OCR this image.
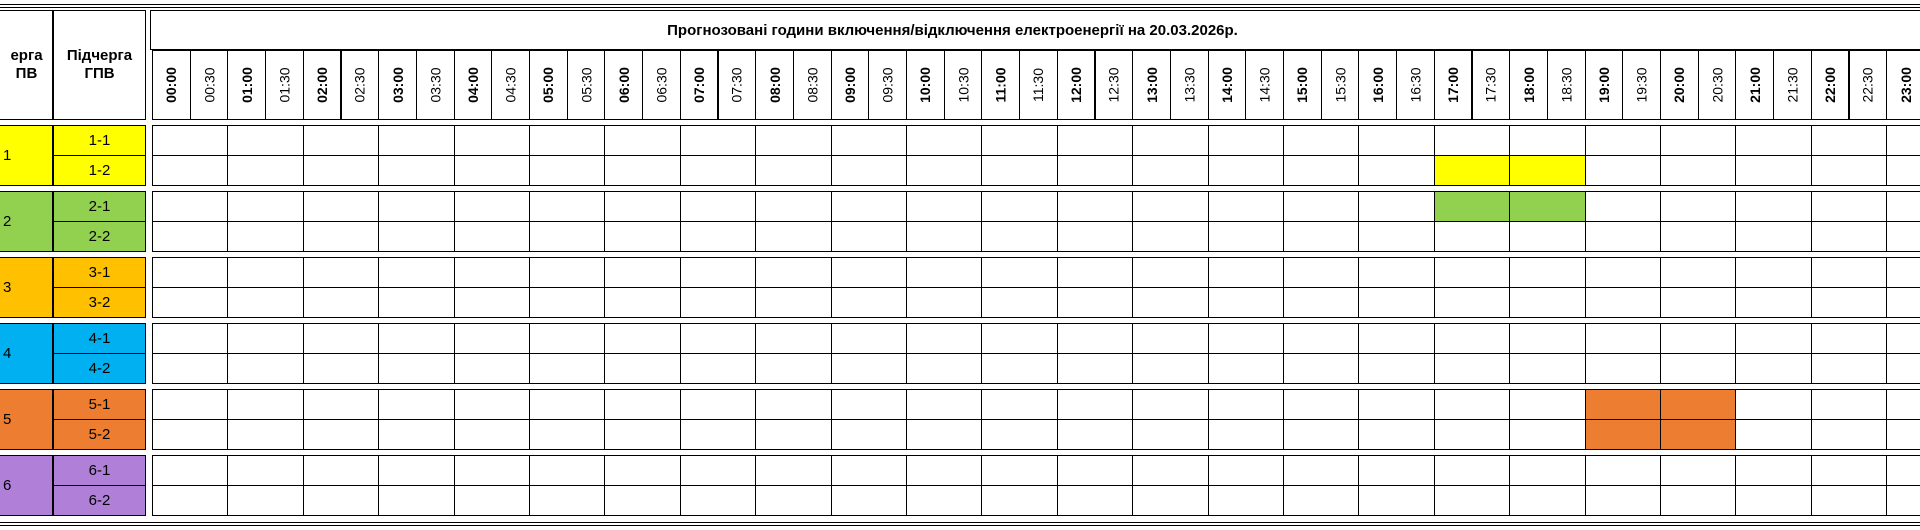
ерга
ПВ
Підчерга
ГПВ
Прогнозовані години включення/відключення електроенергії на 20.03.2026р.
00:00 00:30 01:00 01:30 02:00 02:30 03:00 03:30 04:00 04:30 05:00 05:30 06:00 06:30 07:00 07:30 08:00 08:30 09:00 09:30 10:00 10:30 11:00 11:30 12:00 12:30 13:00 13:30 14:00 14:30 15:00 15:30 16:00 16:30 17:00 17:30 18:00 18:30 19:00 19:30 20:00 20:30 21:00 21:30 22:00 22:30 23:00
1
1-1
1-2
2
2-1
2-2
3
3-1
3-2
4
4-1
4-2
5
5-1
5-2
6
6-1
6-2
